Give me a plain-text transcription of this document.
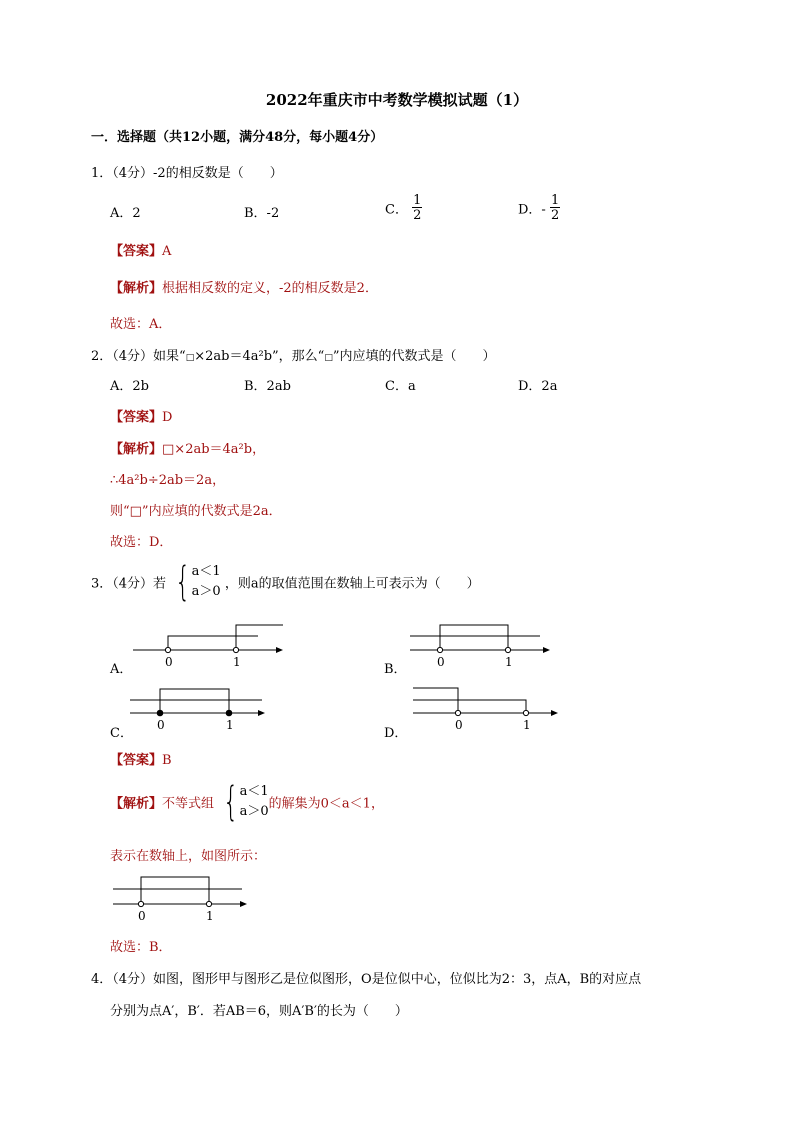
2022年重庆市中考数学模拟试题（1）
一．选择题（共12小题，满分48分，每小题4分）
1．（4分）-2的相反数是（　　）
A．2	B．-2	C． $\frac{1}{2}$	D．- $\frac{1}{2}$
【答案】A
【解析】根据相反数的定义，-2的相反数是2．
故选：A．
2．（4分）如果“□×2ab＝4a²b”，那么“□”内应填的代数式是（　　）
A．2b	B．2ab	C．a	D．2a
【答案】D
【解析】□×2ab＝4a²b，
∴4a²b÷2ab＝2a，
则“□”内应填的代数式是2a．
故选：D．
3．（4分）若 { a＜1
a＞0 ，则a的取值范围在数轴上可表示为（　　）
A．	0	1	B．	0	1
C．
0	1
D．
0	1
【答案】B
【解析】不等式组 { a＜1
a＞0 的解集为0＜a＜1，
表示在数轴上，如图所示：
0	1
故选：B．
4．（4分）如图，图形甲与图形乙是位似图形，O是位似中心，位似比为2：3，点A，B的对应点
分别为点A′，B′．若AB＝6，则A′B′的长为（　　）
